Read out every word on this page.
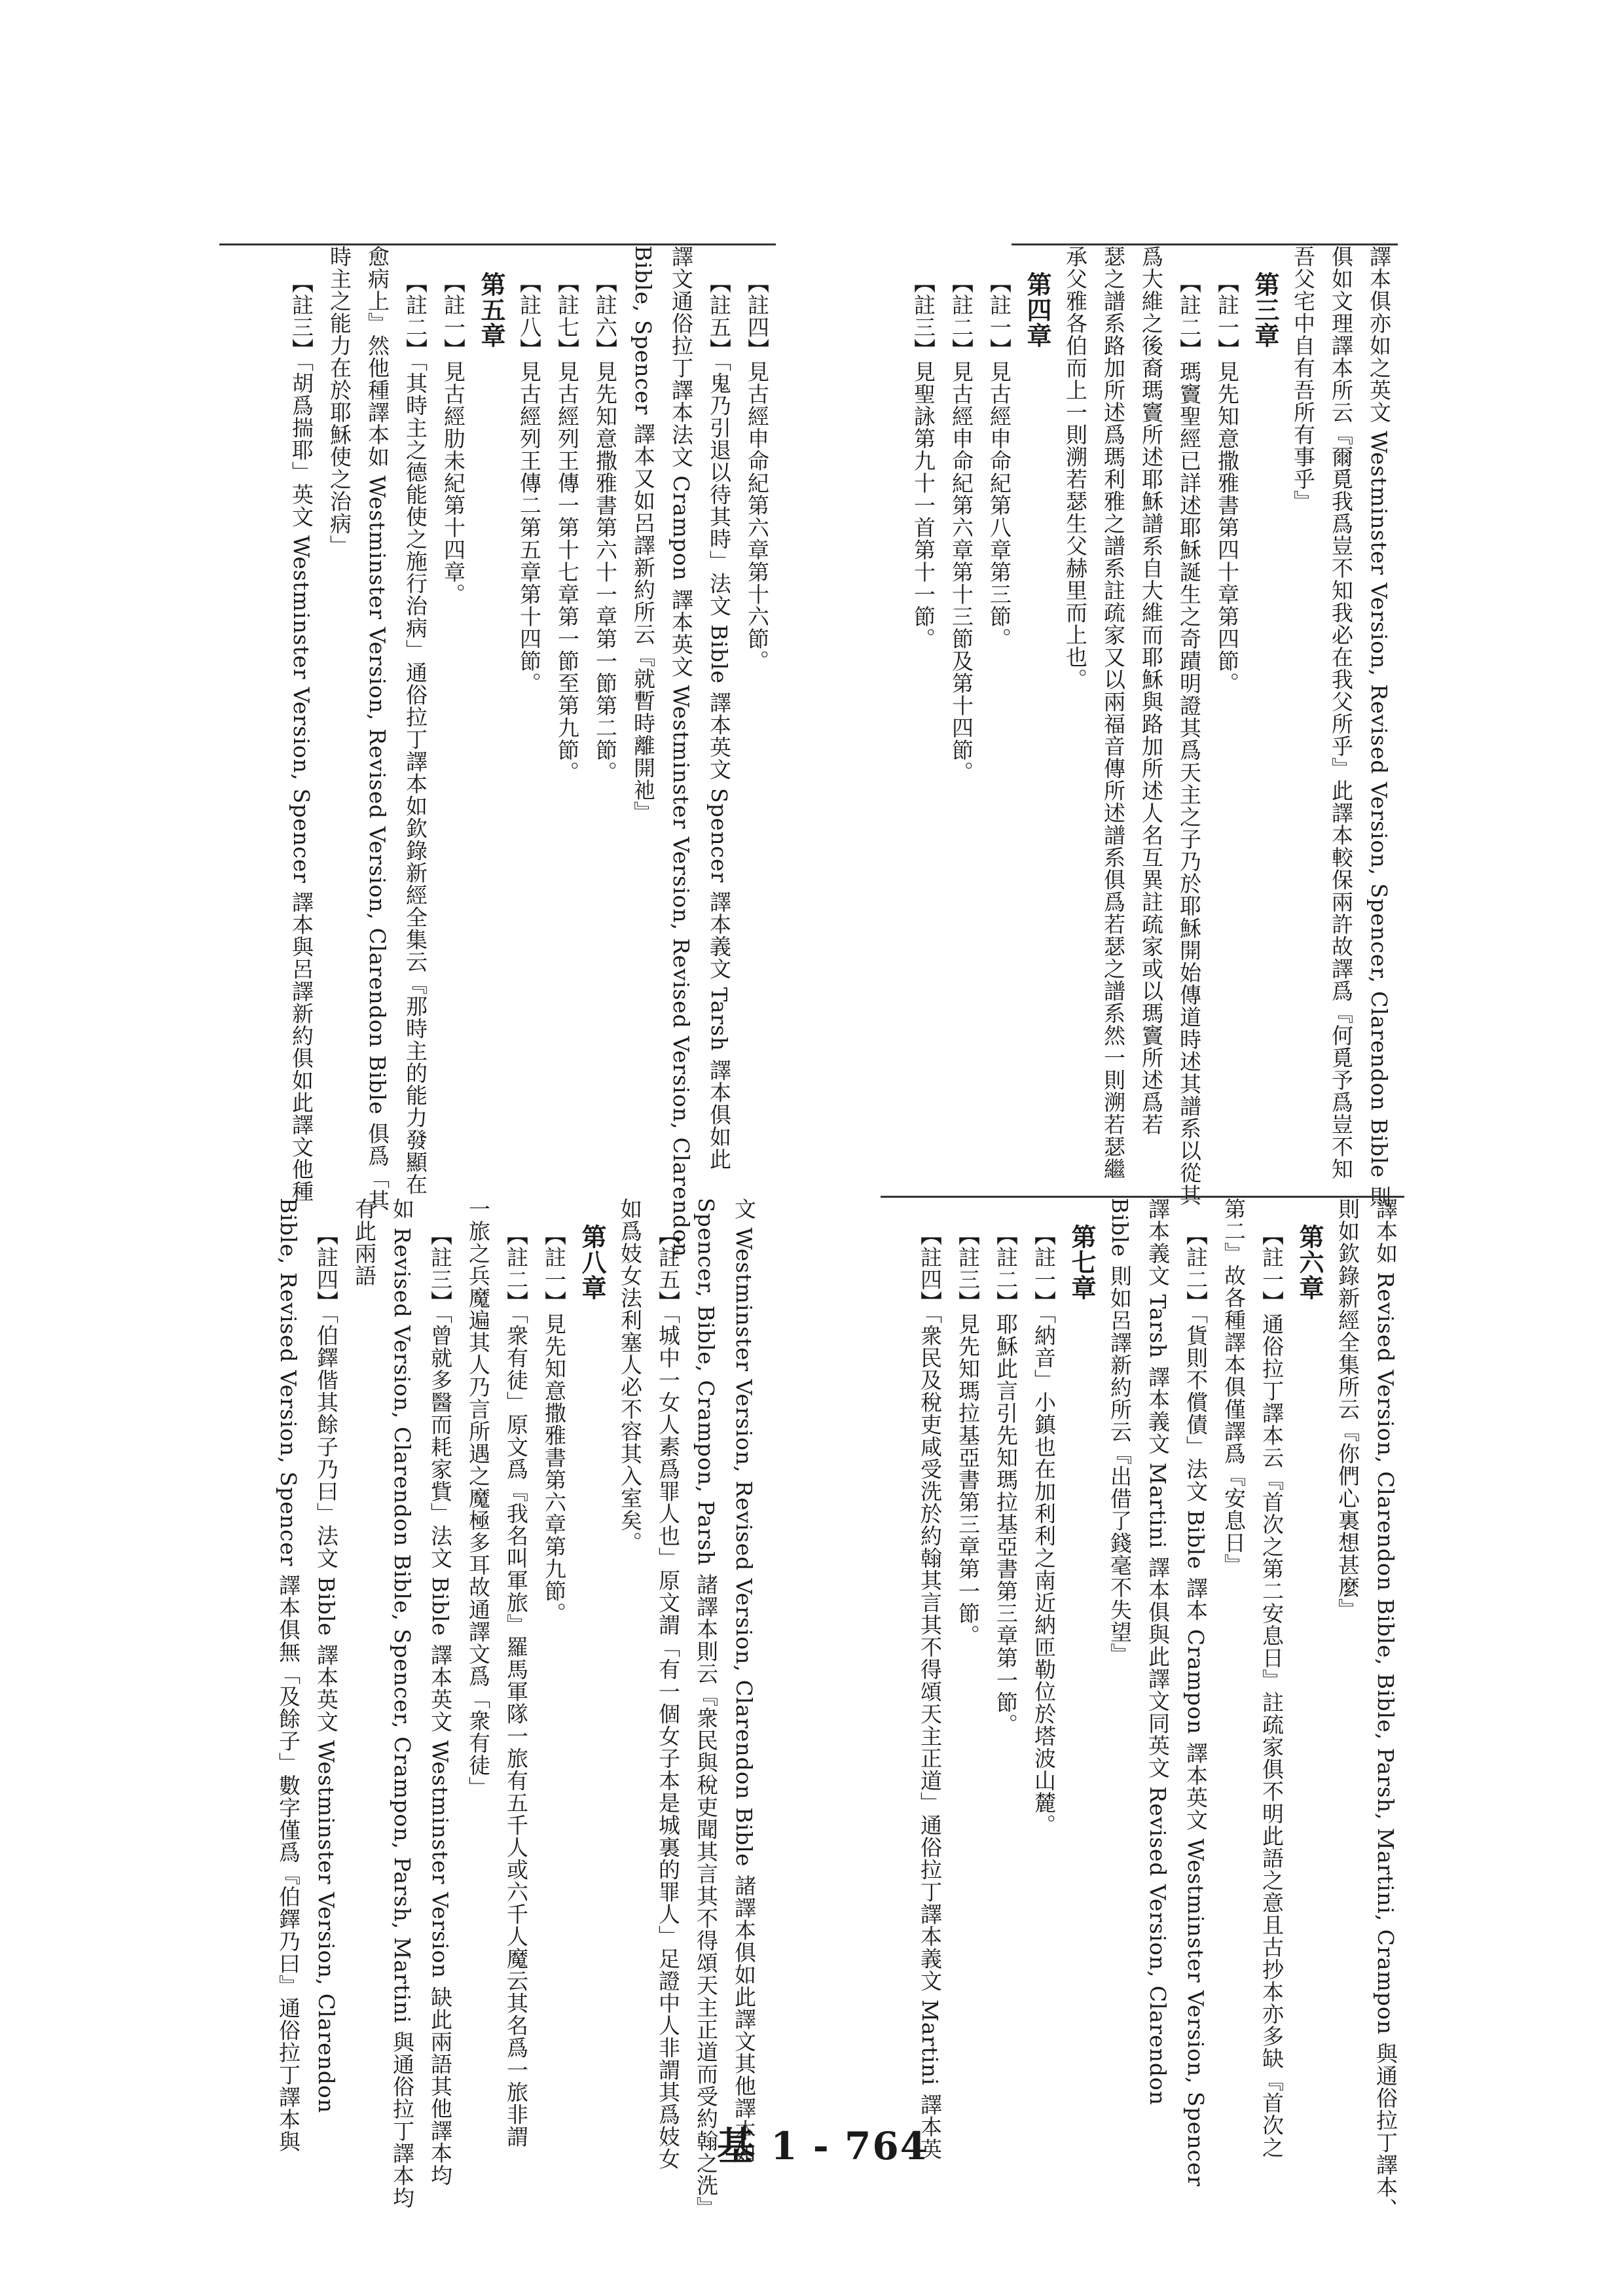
譯本俱亦如之英文 Westminster Version, Revised Version, Spencer, Clarendon Bible 則
俱如文理譯本所云『爾覓我爲豈不知我必在我父所乎』此譯本較保兩許故譯爲『何覓予爲豈不知
吾父宅中自有吾所有事乎』
第三章
【註一】見先知意撒雅書第四十章第四節。
【註二】瑪竇聖經已詳述耶穌誕生之奇蹟明證其爲天主之子乃於耶穌開始傳道時述其譜系以從其
爲大維之後裔瑪竇所述耶穌譜系自大維而耶穌與路加所述人名互異註疏家或以瑪竇所述爲若
瑟之譜系路加所述爲瑪利雅之譜系註疏家又以兩福音傳所述譜系俱爲若瑟之譜系然一則溯若瑟繼
承父雅各伯而上一則溯若瑟生父赫里而上也。
第四章
【註一】見古經申命紀第八章第三節。
【註二】見古經申命紀第六章第十三節及第十四節。
【註三】見聖詠第九十一首第十一節。
【註四】見古經申命紀第六章第十六節。
【註五】「鬼乃引退以待其時」法文 Bible 譯本英文 Spencer 譯本義文 Tarsh 譯本俱如此
譯文通俗拉丁譯本法文 Crampon 譯本英文 Westminster Version, Revised Version, Clarendon
Bible, Spencer 譯本又如呂譯新約所云『就暫時離開祂』
【註六】見先知意撒雅書第六十一章第一節第二節。
【註七】見古經列王傳一第十七章第一節至第九節。
【註八】見古經列王傳二第五章第十四節。
第五章
【註一】見古經肋未紀第十四章。
【註二】「其時主之德能使之施行治病」通俗拉丁譯本如欽錄新經全集云『那時主的能力發顯在
愈病上』然他種譯本如 Westminster Version, Revised Version, Clarendon Bible 俱爲「其
時主之能力在於耶穌使之治病」
【註三】「胡爲揣耶」英文 Westminster Version, Spencer 譯本與呂譯新約俱如此譯文他種
譯本如 Revised Version, Clarendon Bible, Bible, Parsh, Martini, Crampon 與通俗拉丁譯本、
則如欽錄新經全集所云『你們心裏想甚麼』
第六章
【註一】通俗拉丁譯本云『首次之第二安息日』註疏家俱不明此語之意且古抄本亦多缺『首次之
第二』故各種譯本俱僅譯爲『安息日』
【註二】「貨則不償債」法文 Bible 譯本 Crampon 譯本英文 Westminster Version, Spencer
譯本義文 Tarsh 譯本義文 Martini 譯本俱與此譯文同英文 Revised Version, Clarendon
Bible 則如呂譯新約所云『出借了錢毫不失望』
第七章
【註一】「納音」小鎮也在加利利之南近納匝勒位於塔波山麓。
【註二】耶穌此言引先知瑪拉基亞書第三章第一節。
【註三】見先知瑪拉基亞書第三章第一節。
【註四】「衆民及稅吏咸受洗於約翰其言其不得頌天主正道」通俗拉丁譯本義文 Martini 譯本英
文 Westminster Version, Revised Version, Clarendon Bible 諸譯本俱如此譯文其他譯本如
Spencer, Bible, Crampon, Parsh 諸譯本則云『衆民與稅吏聞其言其不得頌天主正道而受約翰之洗』
【註五】「城中一女人素爲罪人也」原文謂「有一個女子本是城裏的罪人」足證中人非謂其爲妓女
如爲妓女法利塞人必不容其入室矣。
第八章
【註一】見先知意撒雅書第六章第九節。
【註二】「衆有徒」原文爲『我名叫軍旅』羅馬軍隊一旅有五千人或六千人魔云其名爲一旅非謂
一旅之兵魔遍其人乃言所遇之魔極多耳故通譯文爲「衆有徒」
【註三】「曾就多醫而耗家貲」法文 Bible 譯本英文 Westminster Version 缺此兩語其他譯本均
如 Revised Version, Clarendon Bible, Spencer, Crampon, Parsh, Martini 與通俗拉丁譯本均
有此兩語
【註四】「伯鐸偕其餘子乃曰」法文 Bible 譯本英文 Westminster Version, Clarendon
Bible, Revised Version, Spencer 譯本俱無「及餘子」數字僅爲『伯鐸乃曰』通俗拉丁譯本與	基 1 - 764
